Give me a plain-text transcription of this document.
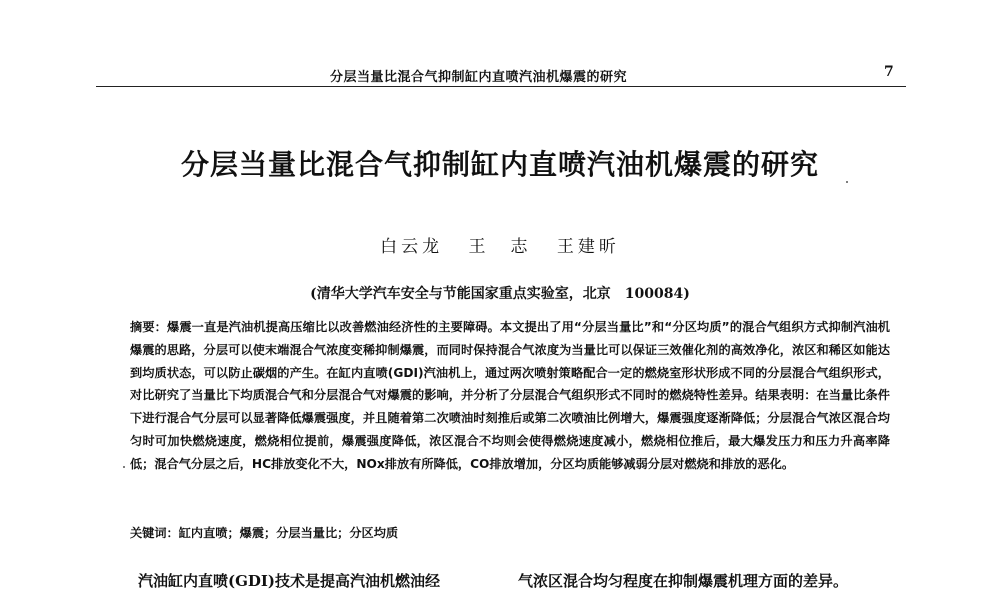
分层当量比混合气抑制缸内直喷汽油机爆震的研究	7
分层当量比混合气抑制缸内直喷汽油机爆震的研究
白云龙 王　志 王建昕
(清华大学汽车安全与节能国家重点实验室，北京　100084)
摘要：爆震一直是汽油机提高压缩比以改善燃油经济性的主要障碍。本文提出了用“分层当量比”和“分区均质”的混合气组织方式抑制汽油机爆震的思路，分层可以使末端混合气浓度变稀抑制爆震，而同时保持混合气浓度为当量比可以保证三效催化剂的高效净化，浓区和稀区如能达到均质状态，可以防止碳烟的产生。在缸内直喷(GDI)汽油机上，通过两次喷射策略配合一定的燃烧室形状形成不同的分层混合气组织形式，对比研究了当量比下均质混合气和分层混合气对爆震的影响，并分析了分层混合气组织形式不同时的燃烧特性差异。结果表明：在当量比条件下进行混合气分层可以显著降低爆震强度，并且随着第二次喷油时刻推后或第二次喷油比例增大，爆震强度逐渐降低；分层混合气浓区混合均匀时可加快燃烧速度，燃烧相位提前，爆震强度降低，浓区混合不均则会使得燃烧速度减小，燃烧相位推后，最大爆发压力和压力升高率降低；混合气分层之后，HC排放变化不大，NOx排放有所降低，CO排放增加，分区均质能够减弱分层对燃烧和排放的恶化。
关键词：缸内直喷；爆震；分层当量比；分区均质
汽油缸内直喷(GDI)技术是提高汽油机燃油经	气浓区混合均匀程度在抑制爆震机理方面的差异。
